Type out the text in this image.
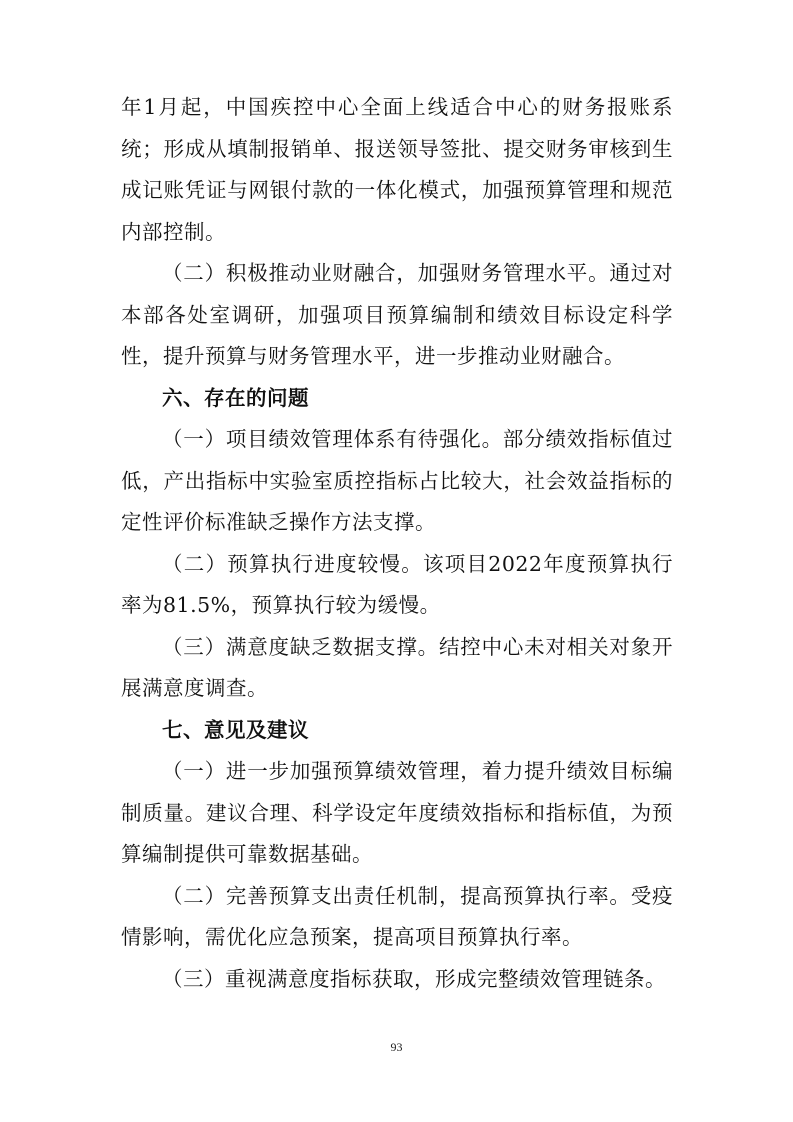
年1月起，中国疾控中心全面上线适合中心的财务报账系统；形成从填制报销单、报送领导签批、提交财务审核到生成记账凭证与网银付款的一体化模式，加强预算管理和规范内部控制。

（二）积极推动业财融合，加强财务管理水平。通过对本部各处室调研，加强项目预算编制和绩效目标设定科学性，提升预算与财务管理水平，进一步推动业财融合。

六、存在的问题

（一）项目绩效管理体系有待强化。部分绩效指标值过低，产出指标中实验室质控指标占比较大，社会效益指标的定性评价标准缺乏操作方法支撑。

（二）预算执行进度较慢。该项目2022年度预算执行率为81.5%，预算执行较为缓慢。

（三）满意度缺乏数据支撑。结控中心未对相关对象开展满意度调查。

七、意见及建议

（一）进一步加强预算绩效管理，着力提升绩效目标编制质量。建议合理、科学设定年度绩效指标和指标值，为预算编制提供可靠数据基础。

（二）完善预算支出责任机制，提高预算执行率。受疫情影响，需优化应急预案，提高项目预算执行率。

（三）重视满意度指标获取，形成完整绩效管理链条。

93
